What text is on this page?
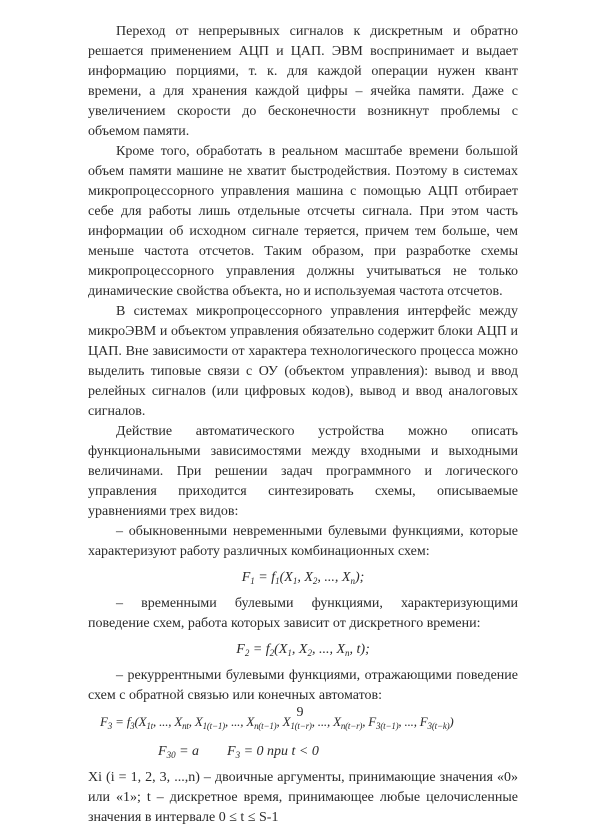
Переход от непрерывных сигналов к дискретным и обратно решается применением АЦП и ЦАП. ЭВМ воспринимает и выдает информацию порциями, т. к. для каждой операции нужен квант времени, а для хранения каждой цифры – ячейка памяти. Даже с увеличением скорости до бесконечности возникнут проблемы с объемом памяти.

Кроме того, обработать в реальном масштабе времени большой объем памяти машине не хватит быстродействия. Поэтому в системах микропроцессорного управления машина с помощью АЦП отбирает себе для работы лишь отдельные отсчеты сигнала. При этом часть информации об исходном сигнале теряется, причем тем больше, чем меньше частота отсчетов. Таким образом, при разработке схемы микропроцессорного управления должны учитываться не только динамические свойства объекта, но и используемая частота отсчетов.

В системах микропроцессорного управления интерфейс между микроЭВМ и объектом управления обязательно содержит блоки АЦП и ЦАП. Вне зависимости от характера технологического процесса можно выделить типовые связи с ОУ (объектом управления): вывод и ввод релейных сигналов (или цифровых кодов), вывод и ввод аналоговых сигналов.

Действие автоматического устройства можно описать функциональными зависимостями между входными и выходными величинами. При решении задач программного и логического управления приходится синтезировать схемы, описываемые уравнениями трех видов:

– обыкновенными невременными булевыми функциями, которые характеризуют работу различных комбинационных схем:

$F_1 = f_1(X_1$, $X_2$, ..., $X_n$);

– временными булевыми функциями, характеризующими поведение схем, работа которых зависит от дискретного времени:

$F_2 = f_2(X_1$, $X_2$, ..., $X_n$, t);

– рекуррентными булевыми функциями, отражающими поведение схем с обратной связью или конечных автоматов:

$F_3 = f_3(X_{1t}$, ..., $X_{nt}$, $X_{1(t-1)}$, ..., $X_{n(t-1)}$, $X_{1(t-r)}$, ..., $X_{n(t-r)}$, $F_{3(t-1)}$, ..., $F_{3(t-k)}$)
$F_{30} = a$ $F_3 = 0$ при t < 0

Xi (i = 1, 2, 3, ...,n) – двоичные аргументы, принимающие значения «0» или «1»; t – дискретное время, принимающее любые целочисленные значения в интервале 0 ≤ t ≤ S-1

9
